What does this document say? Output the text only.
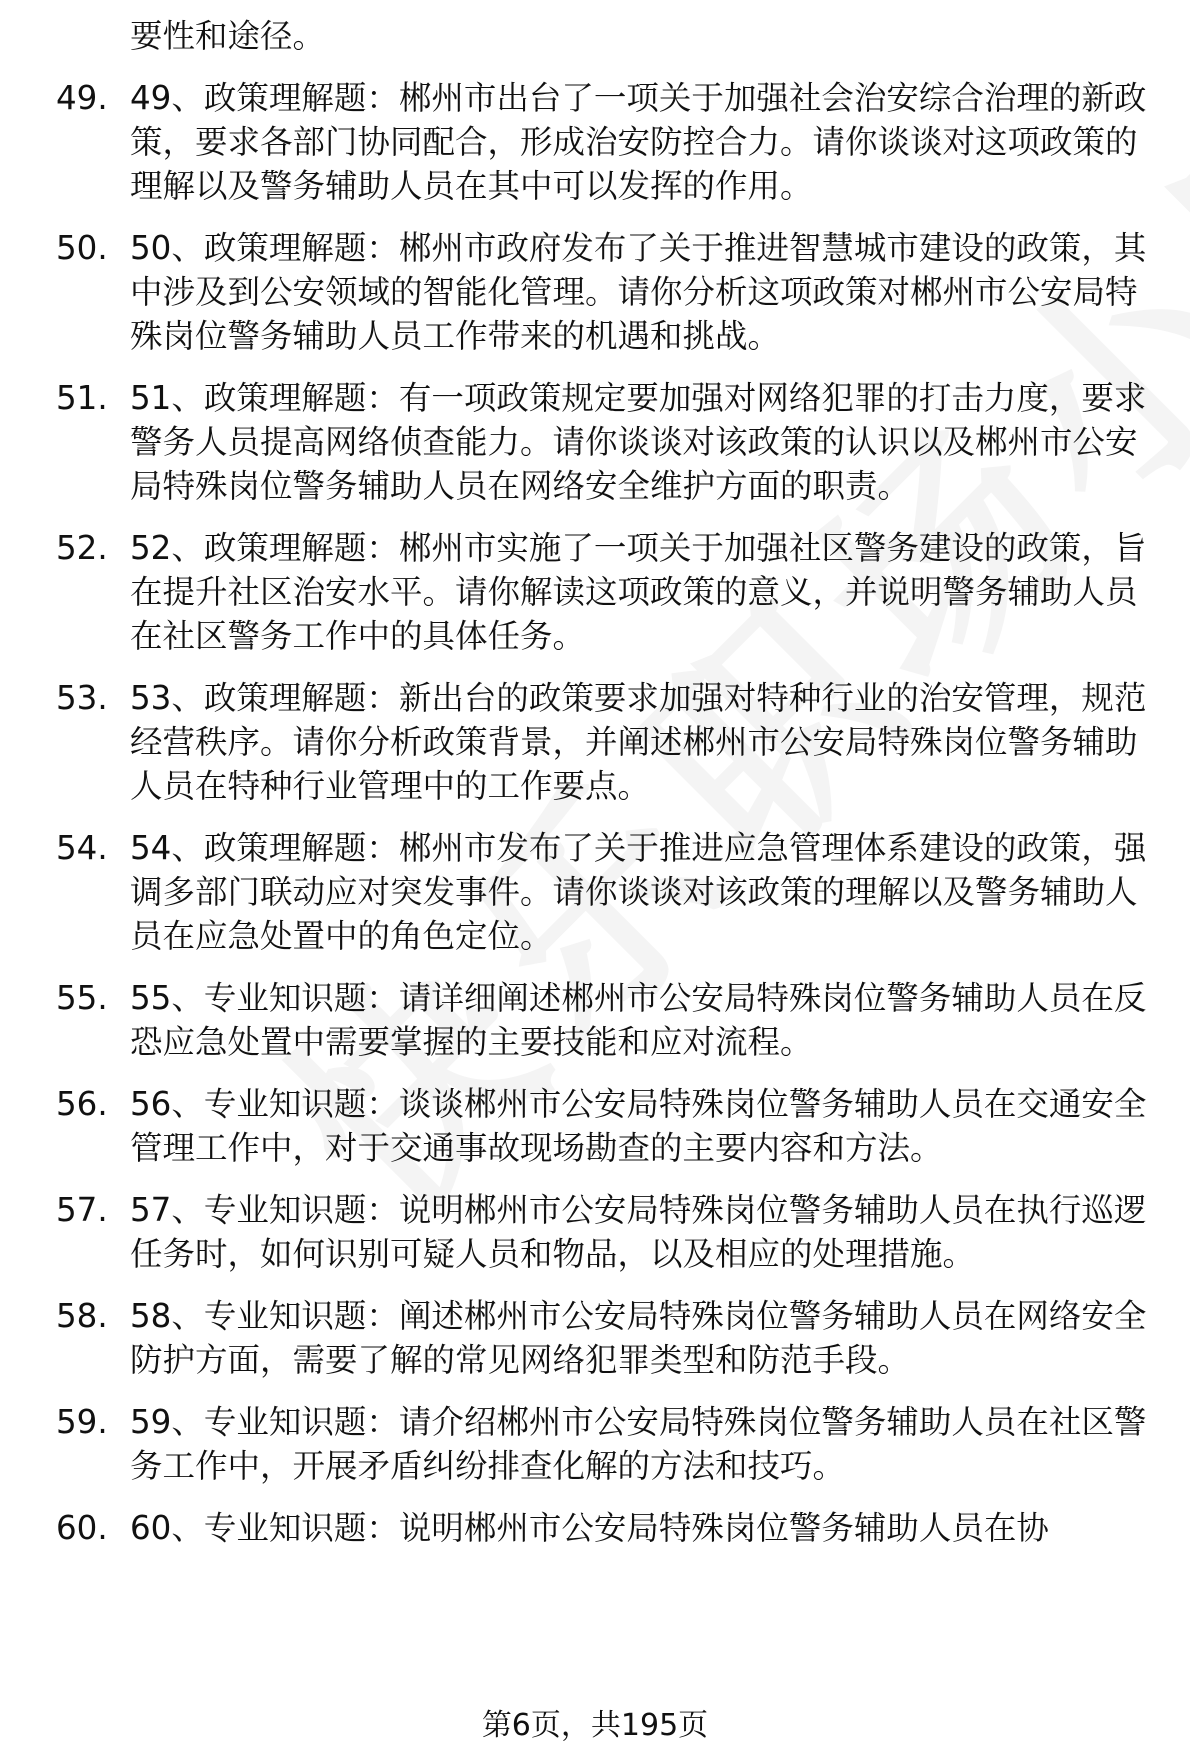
要性和途径。
49. 49、政策理解题：郴州市出台了一项关于加强社会治安综合治理的新政策，要求各部门协同配合，形成治安防控合力。请你谈谈对这项政策的理解以及警务辅助人员在其中可以发挥的作用。
50. 50、政策理解题：郴州市政府发布了关于推进智慧城市建设的政策，其中涉及到公安领域的智能化管理。请你分析这项政策对郴州市公安局特殊岗位警务辅助人员工作带来的机遇和挑战。
51. 51、政策理解题：有一项政策规定要加强对网络犯罪的打击力度，要求警务人员提高网络侦查能力。请你谈谈对该政策的认识以及郴州市公安局特殊岗位警务辅助人员在网络安全维护方面的职责。
52. 52、政策理解题：郴州市实施了一项关于加强社区警务建设的政策，旨在提升社区治安水平。请你解读这项政策的意义，并说明警务辅助人员在社区警务工作中的具体任务。
53. 53、政策理解题：新出台的政策要求加强对特种行业的治安管理，规范经营秩序。请你分析政策背景，并阐述郴州市公安局特殊岗位警务辅助人员在特种行业管理中的工作要点。
54. 54、政策理解题：郴州市发布了关于推进应急管理体系建设的政策，强调多部门联动应对突发事件。请你谈谈对该政策的理解以及警务辅助人员在应急处置中的角色定位。
55. 55、专业知识题：请详细阐述郴州市公安局特殊岗位警务辅助人员在反恐应急处置中需要掌握的主要技能和应对流程。
56. 56、专业知识题：谈谈郴州市公安局特殊岗位警务辅助人员在交通安全管理工作中，对于交通事故现场勘查的主要内容和方法。
57. 57、专业知识题：说明郴州市公安局特殊岗位警务辅助人员在执行巡逻任务时，如何识别可疑人员和物品，以及相应的处理措施。
58. 58、专业知识题：阐述郴州市公安局特殊岗位警务辅助人员在网络安全防护方面，需要了解的常见网络犯罪类型和防范手段。
59. 59、专业知识题：请介绍郴州市公安局特殊岗位警务辅助人员在社区警务工作中，开展矛盾纠纷排查化解的方法和技巧。
60. 60、专业知识题：说明郴州市公安局特殊岗位警务辅助人员在协
第6页，共195页
